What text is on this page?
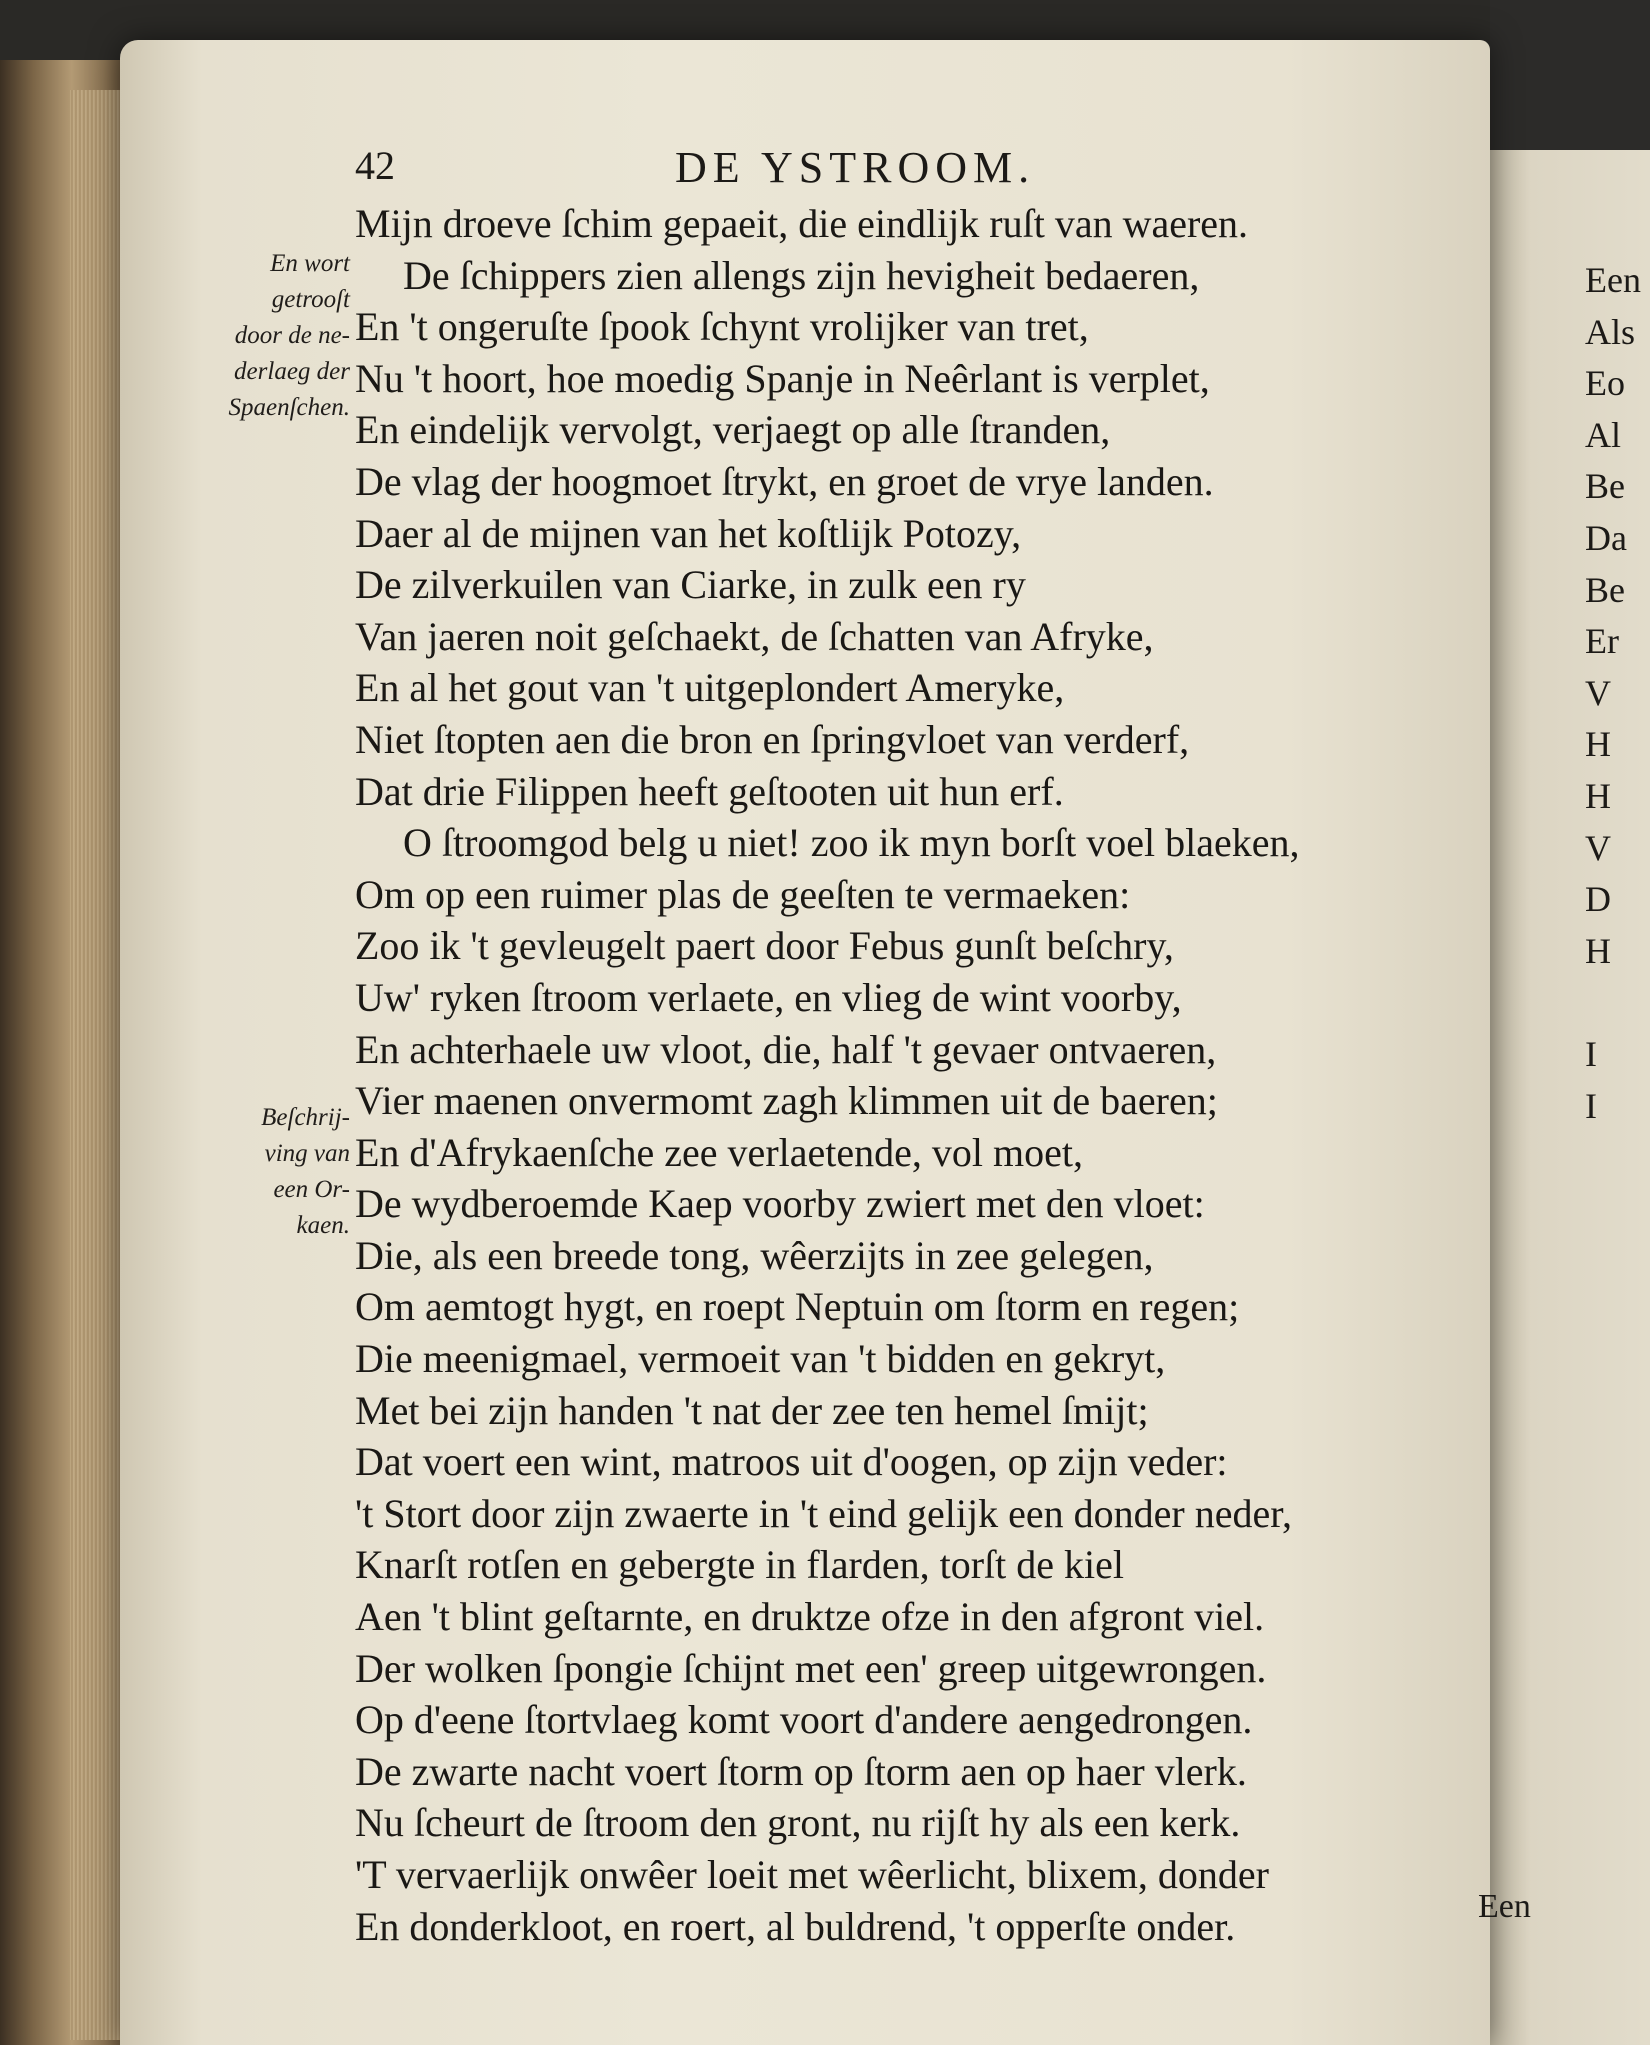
Een
Als
Eo
Al
Be
Da
Be
Er
V
H
H
V
D
H
I
I
42	DE YSTROOM.
En wort
getrooſt
door de ne-
derlaeg der
Spaenſchen.
Beſchrij-
ving van
een Or-
kaen.
Mijn droeve ſchim gepaeit, die eindlijk ruſt van waeren.
De ſchippers zien allengs zijn hevigheit bedaeren,
En 't ongeruſte ſpook ſchynt vrolijker van tret,
Nu 't hoort, hoe moedig Spanje in Neêrlant is verplet,
En eindelijk vervolgt, verjaegt op alle ſtranden,
De vlag der hoogmoet ſtrykt, en groet de vrye landen.
Daer al de mijnen van het koſtlijk Potozy,
De zilverkuilen van Ciarke, in zulk een ry
Van jaeren noit geſchaekt, de ſchatten van Afryke,
En al het gout van 't uitgeplondert Ameryke,
Niet ſtopten aen die bron en ſpringvloet van verderf,
Dat drie Filippen heeft geſtooten uit hun erf.
O ſtroomgod belg u niet! zoo ik myn borſt voel blaeken,
Om op een ruimer plas de geeſten te vermaeken:
Zoo ik 't gevleugelt paert door Febus gunſt beſchry,
Uw' ryken ſtroom verlaete, en vlieg de wint voorby,
En achterhaele uw vloot, die, half 't gevaer ontvaeren,
Vier maenen onvermomt zagh klimmen uit de baeren;
En d'Afrykaenſche zee verlaetende, vol moet,
De wydberoemde Kaep voorby zwiert met den vloet:
Die, als een breede tong, wêerzijts in zee gelegen,
Om aemtogt hygt, en roept Neptuin om ſtorm en regen;
Die meenigmael, vermoeit van 't bidden en gekryt,
Met bei zijn handen 't nat der zee ten hemel ſmijt;
Dat voert een wint, matroos uit d'oogen, op zijn veder:
't Stort door zijn zwaerte in 't eind gelijk een donder neder,
Knarſt rotſen en gebergte in flarden, torſt de kiel
Aen 't blint geſtarnte, en druktze ofze in den afgront viel.
Der wolken ſpongie ſchijnt met een' greep uitgewrongen.
Op d'eene ſtortvlaeg komt voort d'andere aengedrongen.
De zwarte nacht voert ſtorm op ſtorm aen op haer vlerk.
Nu ſcheurt de ſtroom den gront, nu rijſt hy als een kerk.
'T vervaerlijk onwêer loeit met wêerlicht, blixem, donder
En donderkloot, en roert, al buldrend, 't opperſte onder.	Een
